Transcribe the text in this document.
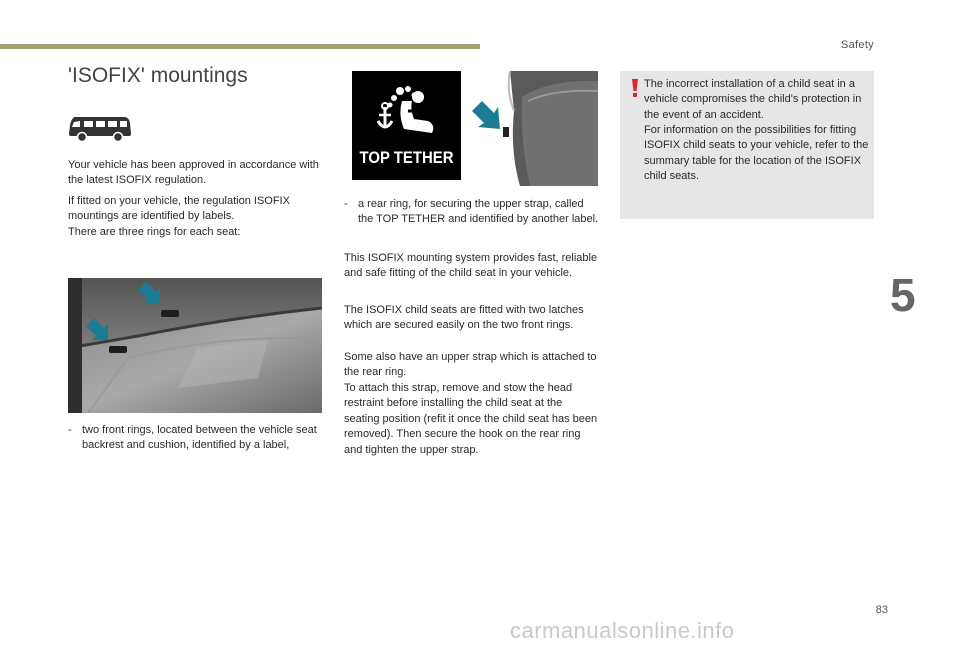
Safety
5
83
carmanualsonline.info
'ISOFIX' mountings

Your vehicle has been approved in accordance with the latest ISOFIX regulation.

If fitted on your vehicle, the regulation ISOFIX mountings are identified by labels.

There are three rings for each seat:

- two front rings, located between the vehicle seat backrest and cushion, identified by a label,
TOP TETHER
- a rear ring, for securing the upper strap, called the TOP TETHER and identified by another label.

This ISOFIX mounting system provides fast, reliable and safe fitting of the child seat in your vehicle.

The ISOFIX child seats are fitted with two latches which are secured easily on the two front rings.

Some also have an upper strap which is attached to the rear ring.

To attach this strap, remove and stow the head restraint before installing the child seat at the seating position (refit it once the child seat has been removed). Then secure the hook on the rear ring and tighten the upper strap.

The incorrect installation of a child seat in a vehicle compromises the child's protection in the event of an accident.

For information on the possibilities for fitting ISOFIX child seats to your vehicle, refer to the summary table for the location of the ISOFIX child seats.
